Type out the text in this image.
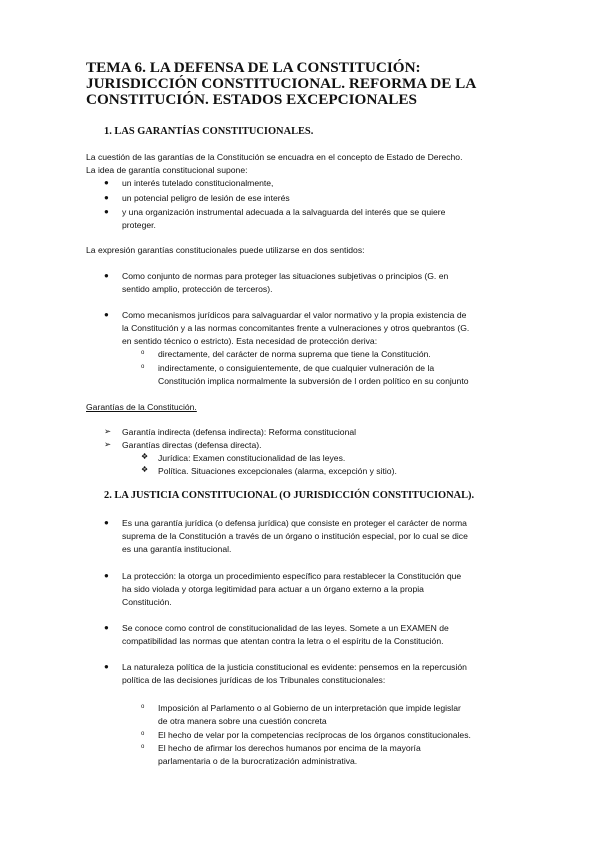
TEMA 6. LA DEFENSA DE LA CONSTITUCIÓN: JURISDICCIÓN CONSTITUCIONAL. REFORMA DE LA CONSTITUCIÓN. ESTADOS EXCEPCIONALES
1. LAS GARANTÍAS CONSTITUCIONALES.
La cuestión de las garantías de la Constitución se encuadra en el concepto de Estado de Derecho.
La idea de garantía constitucional supone:
● un interés tutelado constitucionalmente,
● un potencial peligro de lesión de ese interés
● y una organización instrumental adecuada a la salvaguarda del interés que se quiere
proteger.
La expresión garantías constitucionales puede utilizarse en dos sentidos:
● Como conjunto de normas para proteger las situaciones subjetivas o principios (G. en
sentido amplio, protección de terceros).
● Como mecanismos jurídicos para salvaguardar el valor normativo y la propia existencia de
la Constitución y a las normas concomitantes frente a vulneraciones y otros quebrantos (G.
en sentido técnico o estricto). Esta necesidad de protección deriva:
o directamente, del carácter de norma suprema que tiene la Constitución.
o indirectamente, o consiguientemente, de que cualquier vulneración de la
Constitución implica normalmente la subversión de l orden político en su conjunto
Garantías de la Constitución.
➢ Garantía indirecta (defensa indirecta): Reforma constitucional
➢ Garantías directas (defensa directa).
❖ Jurídica: Examen constitucionalidad de las leyes.
❖ Política. Situaciones excepcionales (alarma, excepción y sitio).
2. LA JUSTICIA CONSTITUCIONAL (O JURISDICCIÓN CONSTITUCIONAL).
● Es una garantía jurídica (o defensa jurídica) que consiste en proteger el carácter de norma
suprema de la Constitución a través de un órgano o institución especial, por lo cual se dice
es una garantía institucional.
● La protección: la otorga un procedimiento específico para restablecer la Constitución que
ha sido violada y otorga legitimidad para actuar a un órgano externo a la propia
Constitución.
● Se conoce como control de constitucionalidad de las leyes. Somete a un EXAMEN de
compatibilidad las normas que atentan contra la letra o el espíritu de la Constitución.
● La naturaleza política de la justicia constitucional es evidente: pensemos en la repercusión
política de las decisiones jurídicas de los Tribunales constitucionales:
o Imposición al Parlamento o al Gobierno de un interpretación que impide legislar
de otra manera sobre una cuestión concreta
o El hecho de velar por la competencias recíprocas de los órganos constitucionales.
o El hecho de afirmar los derechos humanos por encima de la mayoría
parlamentaria o de la burocratización administrativa.
